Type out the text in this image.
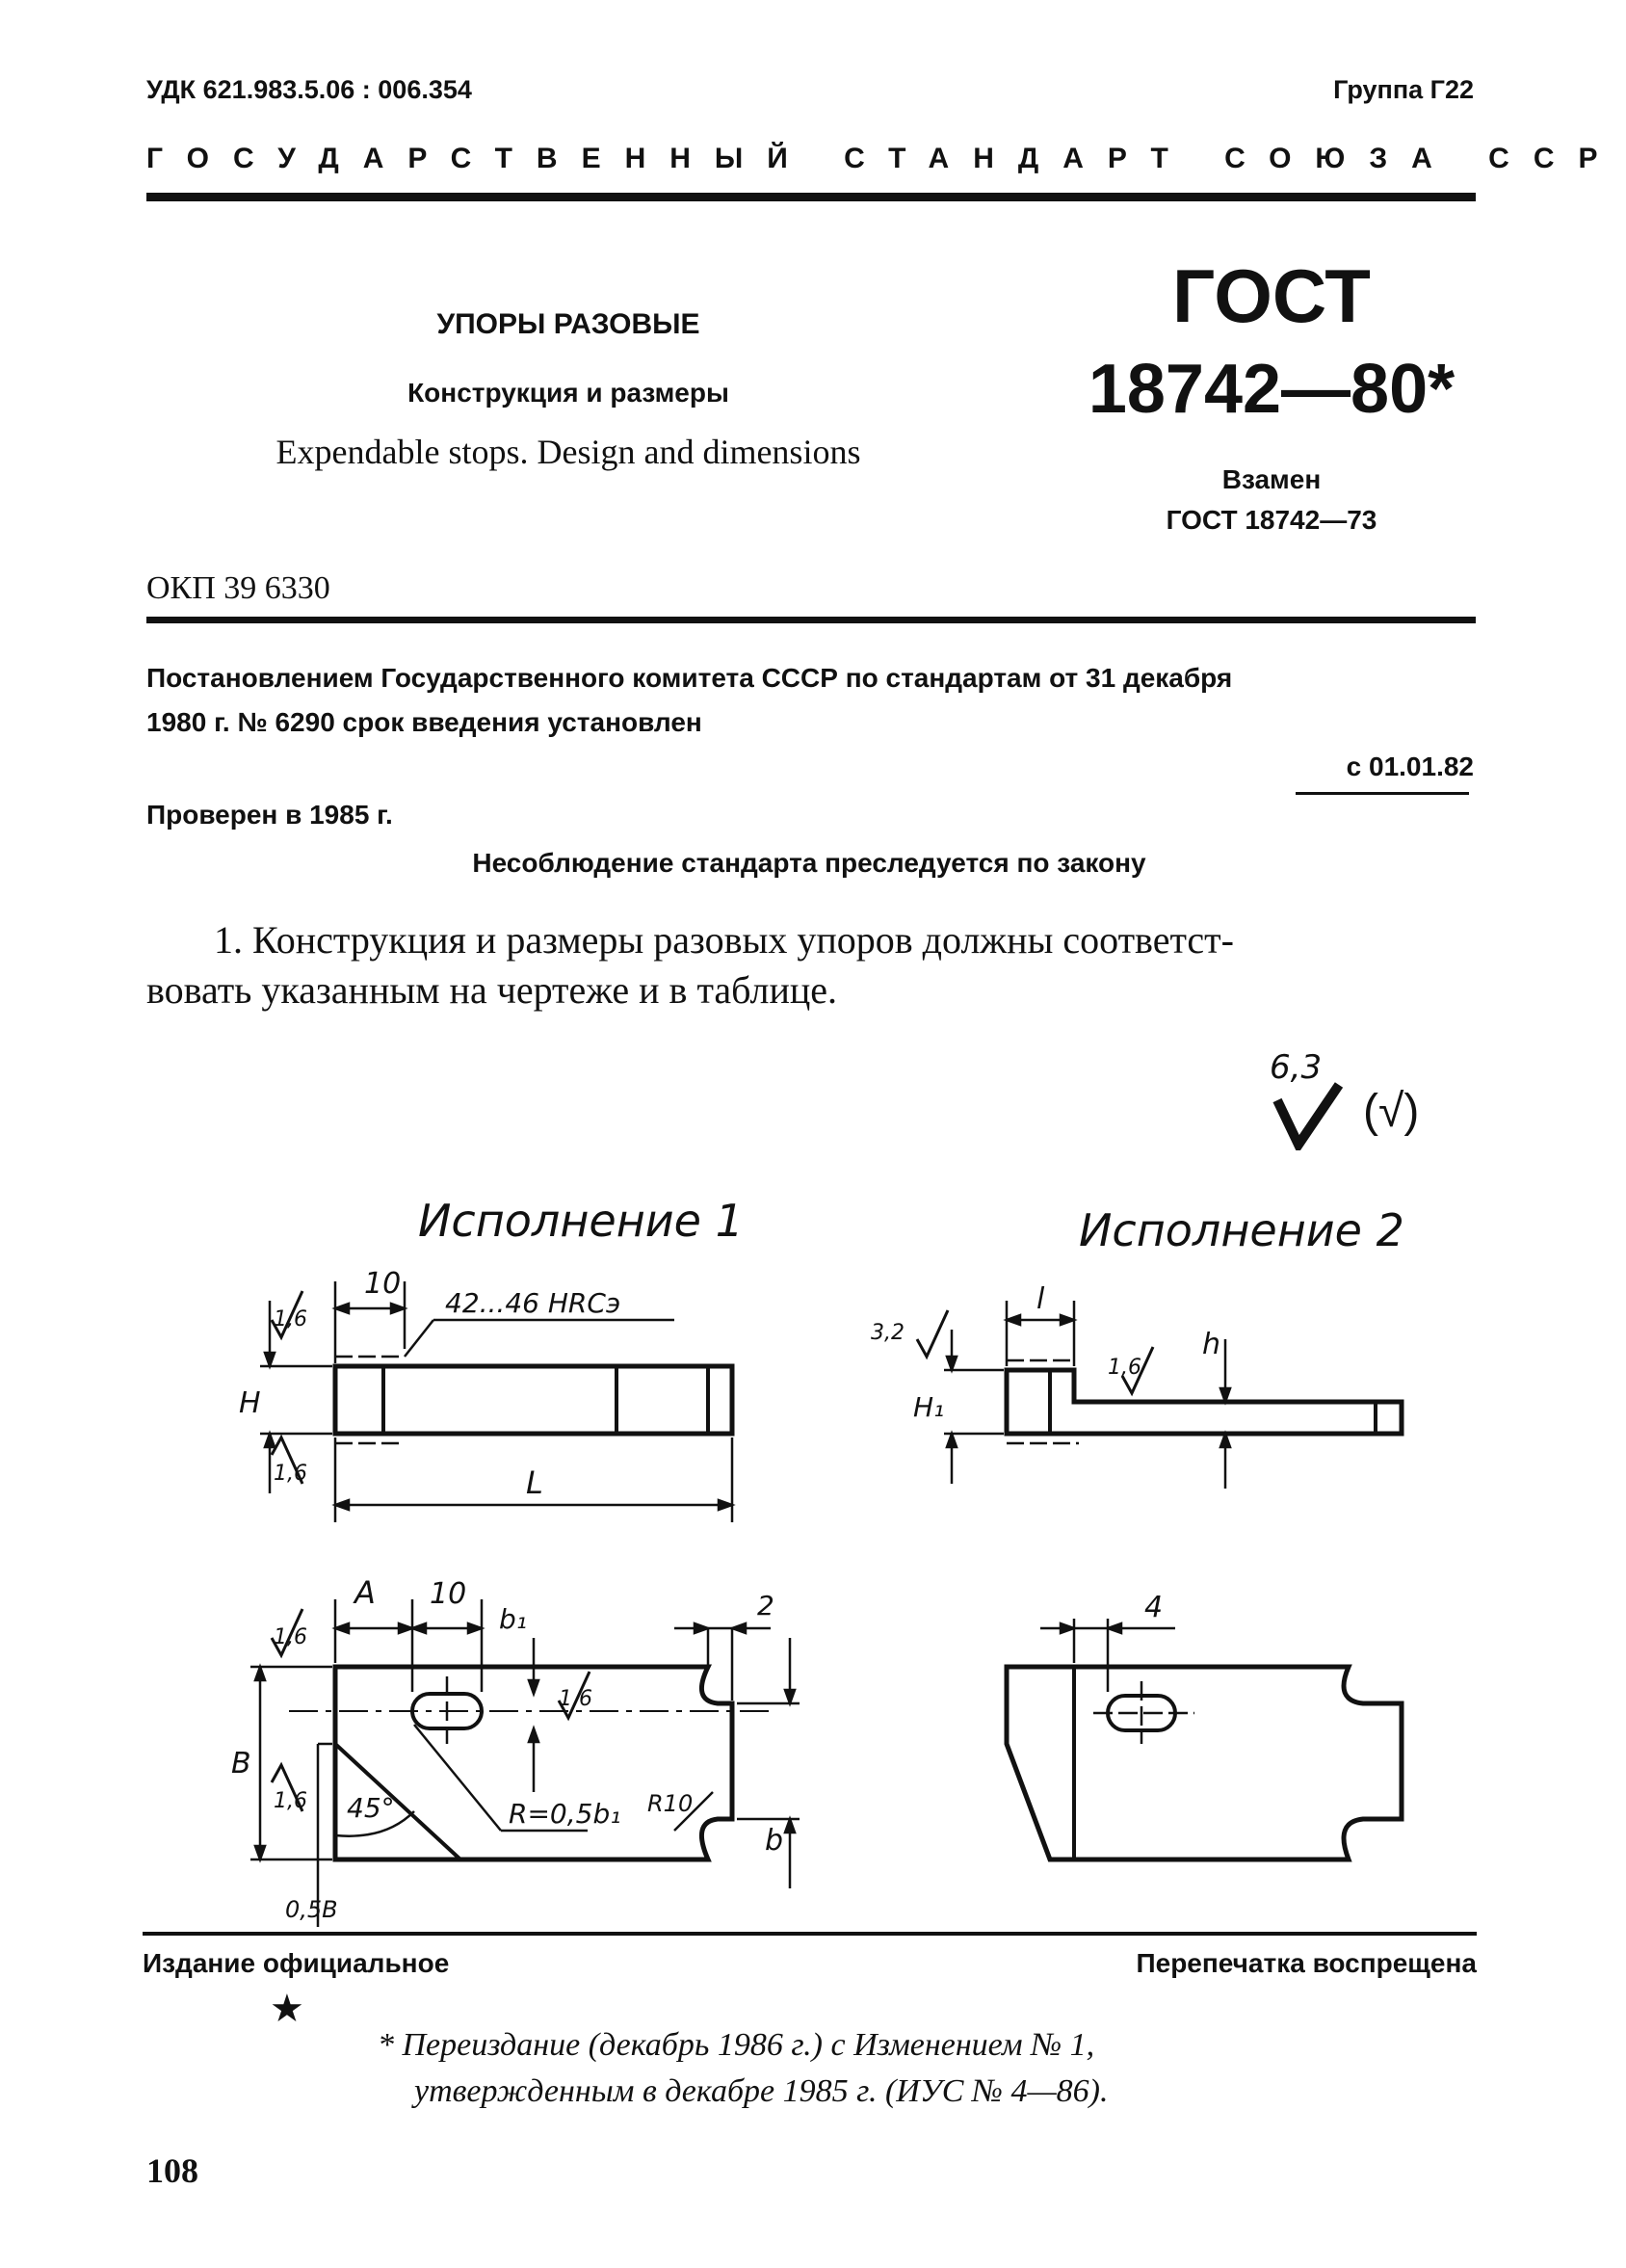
УДК 621.983.5.06 : 006.354	Группа Г22
ГОСУДАРСТВЕННЫЙ СТАНДАРТ СОЮЗА ССР
УПОРЫ РАЗОВЫЕ
Конструкция и размеры
Expendable stops. Design and dimensions
ГОСТ
18742—80*
Взамен
ГОСТ 18742—73
ОКП 39 6330
Постановлением Государственного комитета СССР по стандартам от 31 декабря
1980 г. № 6290 срок введения установлен
с 01.01.82
Проверен в 1985 г.
Несоблюдение стандарта преследуется по закону
1. Конструкция и размеры разовых упоров должны соответст-
вовать указанным на чертеже и в таблице.
6,3
(√)
Исполнение 1	Исполнение 2
10
42...46 HRCэ
1,6
1,6
H
L
l
h
H₁
3,2
1,6
A 10
b₁	2
B
b
45°
0,5B
R=0,5b₁ R10
1,6
1,6
1,6
4
Издание официальное	Перепечатка воспрещена
★
* Переиздание (декабрь 1986 г.) с Изменением № 1,
утвержденным в декабре 1985 г. (ИУС № 4—86).
108
